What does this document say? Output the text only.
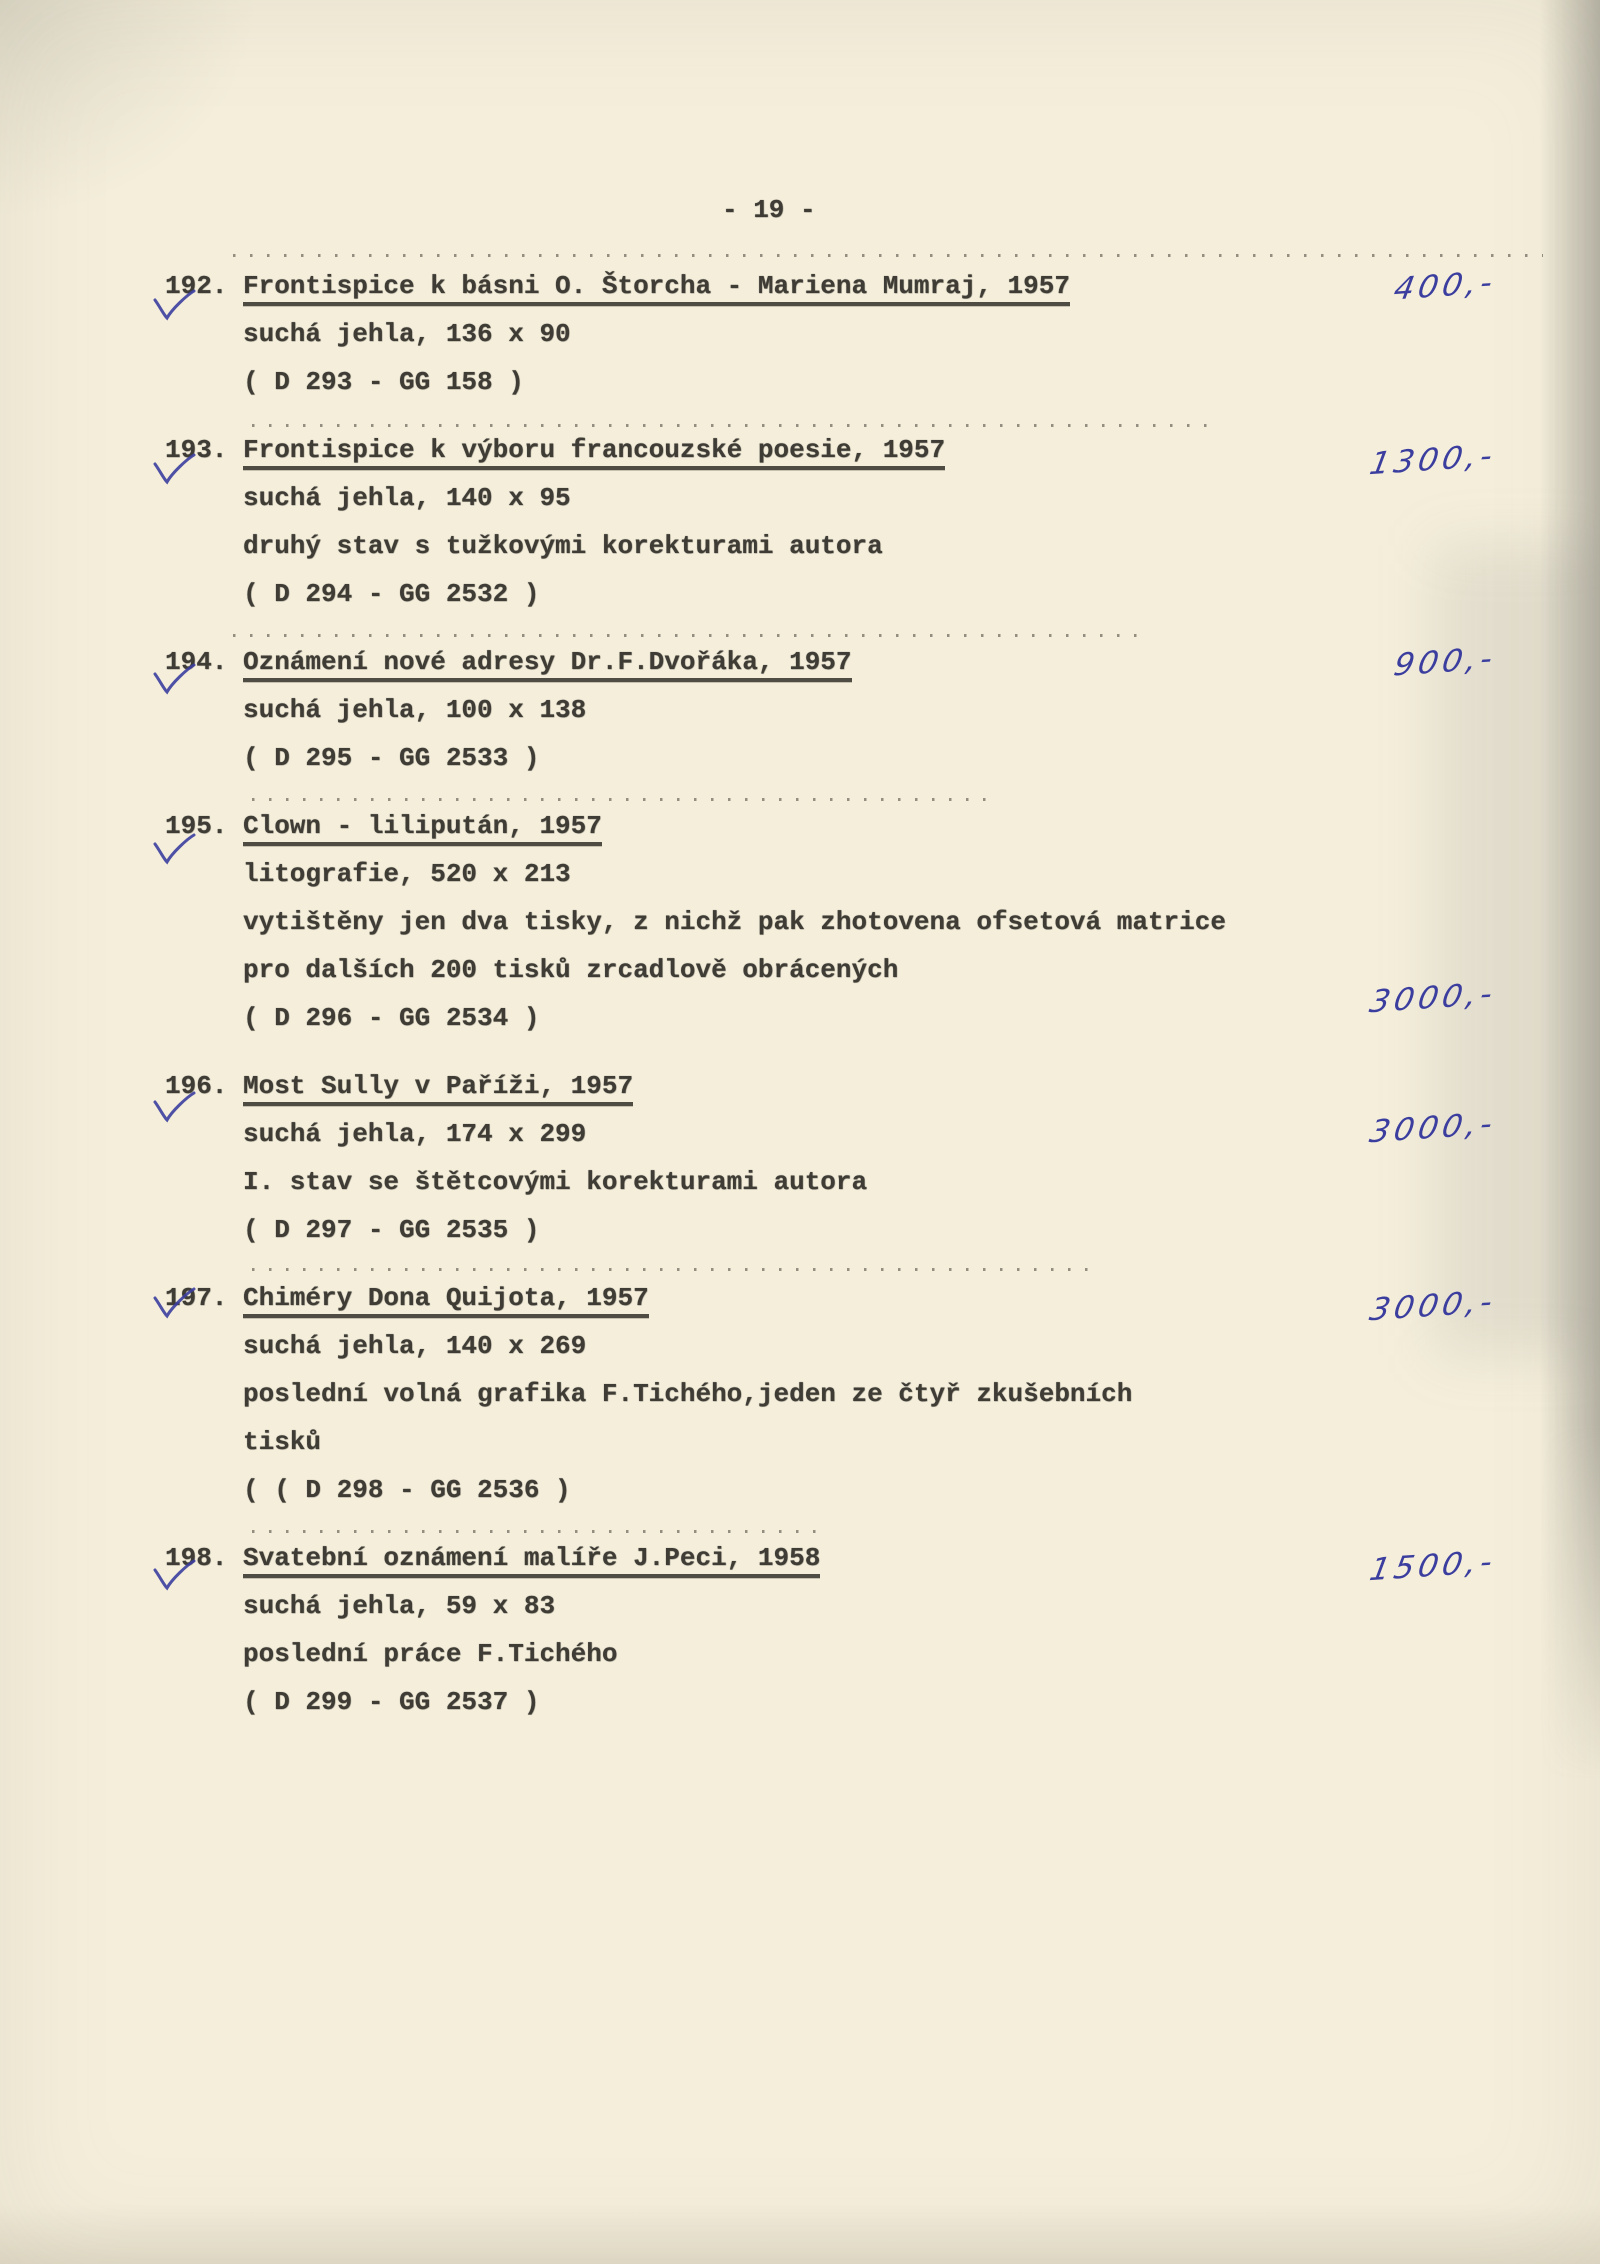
- 19 -
192. Frontispice k básni O. Štorcha - Mariena Mumraj, 1957
suchá jehla, 136 x 90
( D 293 - GG 158 )
400,-
193. Frontispice k výboru francouzské poesie, 1957
suchá jehla, 140 x 95
druhý stav s tužkovými korekturami autora
( D 294 - GG 2532 )
1300,-
194. Oznámení nové adresy Dr.F.Dvořáka, 1957
suchá jehla, 100 x 138
( D 295 - GG 2533 )
900,-
195. Clown - lilipután, 1957
litografie, 520 x 213
vytištěny jen dva tisky, z nichž pak zhotovena ofsetová matrice
pro dalších 200 tisků zrcadlově obrácených
( D 296 - GG 2534 )	3000,-
196. Most Sully v Paříži, 1957
suchá jehla, 174 x 299
I. stav se štětcovými korekturami autora
( D 297 - GG 2535 )
3000,-
197. Chiméry Dona Quijota, 1957
suchá jehla, 140 x 269
poslední volná grafika F.Tichého,jeden ze čtyř zkušebních
tisků
( ( D 298 - GG 2536 )
3000,-
198. Svatební oznámení malíře J.Peci, 1958
suchá jehla, 59 x 83
poslední práce F.Tichého
( D 299 - GG 2537 )
1500,-
